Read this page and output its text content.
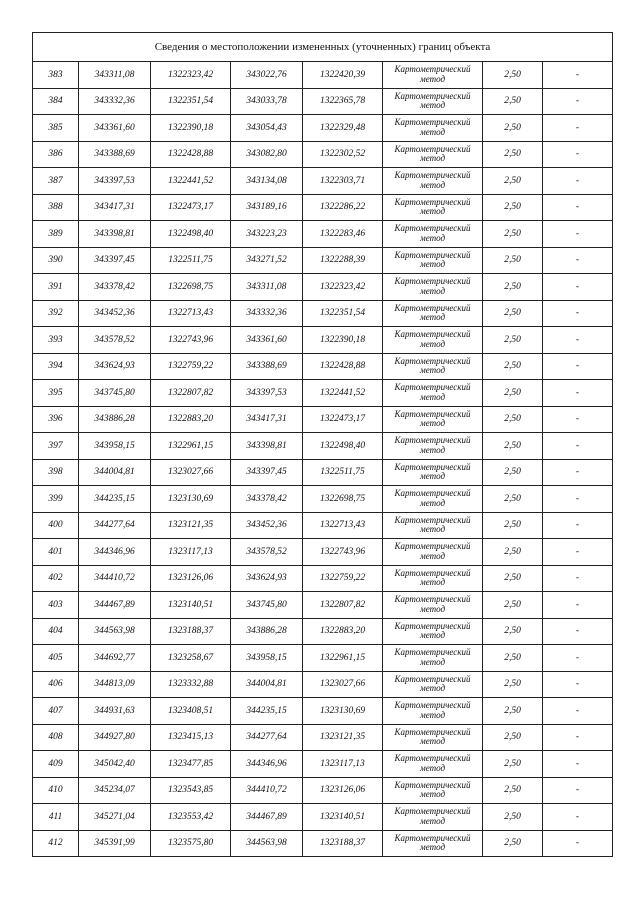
Сведения о местоположении измененных (уточненных) границ объекта							
383	343311,08	1322323,42	343022,76	1322420,39	Картометрический метод	2,50	-
384	343332,36	1322351,54	343033,78	1322365,78	Картометрический метод	2,50	-
385	343361,60	1322390,18	343054,43	1322329,48	Картометрический метод	2,50	-
386	343388,69	1322428,88	343082,80	1322302,52	Картометрический метод	2,50	-
387	343397,53	1322441,52	343134,08	1322303,71	Картометрический метод	2,50	-
388	343417,31	1322473,17	343189,16	1322286,22	Картометрический метод	2,50	-
389	343398,81	1322498,40	343223,23	1322283,46	Картометрический метод	2,50	-
390	343397,45	1322511,75	343271,52	1322288,39	Картометрический метод	2,50	-
391	343378,42	1322698,75	343311,08	1322323,42	Картометрический метод	2,50	-
392	343452,36	1322713,43	343332,36	1322351,54	Картометрический метод	2,50	-
393	343578,52	1322743,96	343361,60	1322390,18	Картометрический метод	2,50	-
394	343624,93	1322759,22	343388,69	1322428,88	Картометрический метод	2,50	-
395	343745,80	1322807,82	343397,53	1322441,52	Картометрический метод	2,50	-
396	343886,28	1322883,20	343417,31	1322473,17	Картометрический метод	2,50	-
397	343958,15	1322961,15	343398,81	1322498,40	Картометрический метод	2,50	-
398	344004,81	1323027,66	343397,45	1322511,75	Картометрический метод	2,50	-
399	344235,15	1323130,69	343378,42	1322698,75	Картометрический метод	2,50	-
400	344277,64	1323121,35	343452,36	1322713,43	Картометрический метод	2,50	-
401	344346,96	1323117,13	343578,52	1322743,96	Картометрический метод	2,50	-
402	344410,72	1323126,06	343624,93	1322759,22	Картометрический метод	2,50	-
403	344467,89	1323140,51	343745,80	1322807,82	Картометрический метод	2,50	-
404	344563,98	1323188,37	343886,28	1322883,20	Картометрический метод	2,50	-
405	344692,77	1323258,67	343958,15	1322961,15	Картометрический метод	2,50	-
406	344813,09	1323332,88	344004,81	1323027,66	Картометрический метод	2,50	-
407	344931,63	1323408,51	344235,15	1323130,69	Картометрический метод	2,50	-
408	344927,80	1323415,13	344277,64	1323121,35	Картометрический метод	2,50	-
409	345042,40	1323477,85	344346,96	1323117,13	Картометрический метод	2,50	-
410	345234,07	1323543,85	344410,72	1323126,06	Картометрический метод	2,50	-
411	345271,04	1323553,42	344467,89	1323140,51	Картометрический метод	2,50	-
412	345391,99	1323575,80	344563,98	1323188,37	Картометрический метод	2,50	-
